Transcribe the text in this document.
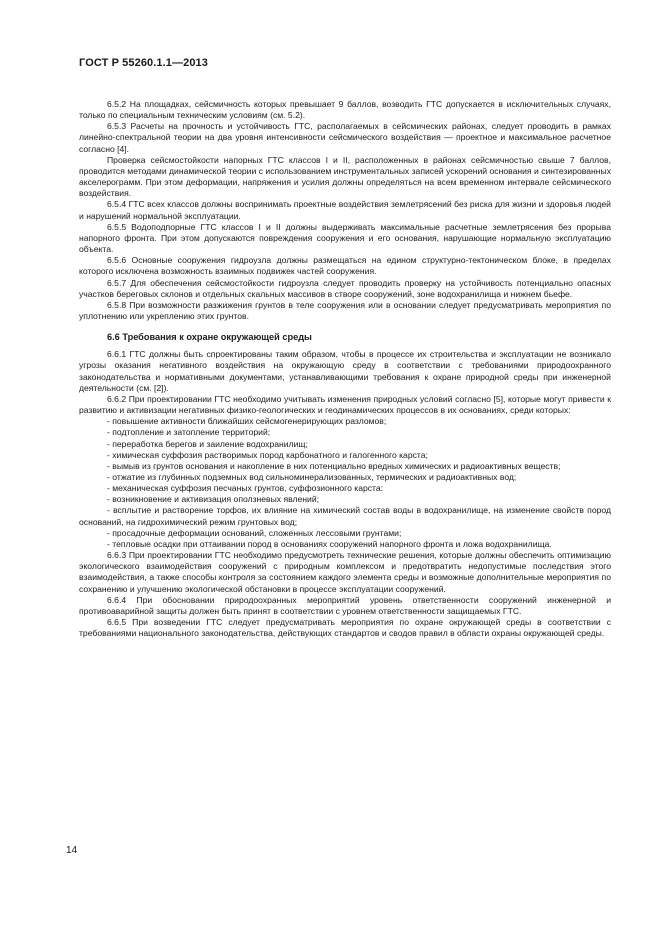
ГОСТ Р 55260.1.1—2013

6.5.2 На площадках, сейсмичность которых превышает 9 баллов, возводить ГТС допускается в исключительных случаях, только по специальным техническим условиям (см. 5.2).

6.5.3 Расчеты на прочность и устойчивость ГТС, располагаемых в сейсмических районах, следует проводить в рамках линейно-спектральной теории на два уровня интенсивности сейсмического воздействия — проектное и максимальное расчетное согласно [4].

Проверка сейсмостойкости напорных ГТС классов I и II, расположенных в районах сейсмичностью свыше 7 баллов, проводится методами динамической теории с использованием инструментальных записей ускорений основания и синтезированных акселерограмм. При этом деформации, напряжения и усилия должны определяться на всем временном интервале сейсмического воздействия.

6.5.4 ГТС всех классов должны воспринимать проектные воздействия землетрясений без риска для жизни и здоровья людей и нарушений нормальной эксплуатации.

6.5.5 Водоподпорные ГТС классов I и II должны выдерживать максимальные расчетные землетрясения без прорыва напорного фронта. При этом допускаются повреждения сооружения и его основания, нарушающие нормальную эксплуатацию объекта.

6.5.6 Основные сооружения гидроузла должны размещаться на едином структурно-тектоническом блоке, в пределах которого исключена возможность взаимных подвижек частей сооружения.

6.5.7 Для обеспечения сейсмостойкости гидроузла следует проводить проверку на устойчивость потенциально опасных участков береговых склонов и отдельных скальных массивов в створе сооружений, зоне водохранилища и нижнем бьефе.

6.5.8 При возможности разжижения грунтов в теле сооружения или в основании следует предусматривать мероприятия по уплотнению или укреплению этих грунтов.

6.6 Требования к охране окружающей среды

6.6.1 ГТС должны быть спроектированы таким образом, чтобы в процессе их строительства и эксплуатации не возникало угрозы оказания негативного воздействия на окружающую среду в соответствии с требованиями природоохранного законодательства и нормативными документами, устанавливающими требования к охране природной среды при инженерной деятельности (см. [2]).

6.6.2 При проектировании ГТС необходимо учитывать изменения природных условий согласно [5], которые могут привести к развитию и активизации негативных физико-геологических и геодинамических процессов в их основаниях, среди которых:

- повышение активности ближайших сейсмогенерирующих разломов;

- подтопление и затопление территорий;

- переработка берегов и заиление водохранилищ;

- химическая суффозия растворимых пород карбонатного и галогенного карста;

- вымыв из грунтов основания и накопление в них потенциально вредных химических и радиоактивных веществ;

- отжатие из глубинных подземных вод сильноминерализованных, термических и радиоактивных вод;

- механическая суффозия песчаных грунтов, суффозионного карста:

- возникновение и активизация оползневых явлений;

- всплытие и растворение торфов, их влияние на химический состав воды в водохранилище, на изменение свойств пород оснований, на гидрохимический режим грунтовых вод;

- просадочные деформации оснований, сложенных лессовыми грунтами;

- тепловые осадки при оттаивании пород в основаниях сооружений напорного фронта и ложа водохранилища.

6.6.3 При проектировании ГТС необходимо предусмотреть технические решения, которые должны обеспечить оптимизацию экологического взаимодействия сооружений с природным комплексом и предотвратить недопустимые последствия этого взаимодействия, а также способы контроля за состоянием каждого элемента среды и возможные дополнительные мероприятия по сохранению и улучшению экологической обстановки в процессе эксплуатации сооружений.

6.6.4 При обосновании природоохранных мероприятий уровень ответственности сооружений инженерной и противоаварийной защиты должен быть принят в соответствии с уровнем ответственности защищаемых ГТС.

6.6.5 При возведении ГТС следует предусматривать мероприятия по охране окружающей среды в соответствии с требованиями национального законодательства, действующих стандартов и сводов правил в области охраны окружающей среды.

14
